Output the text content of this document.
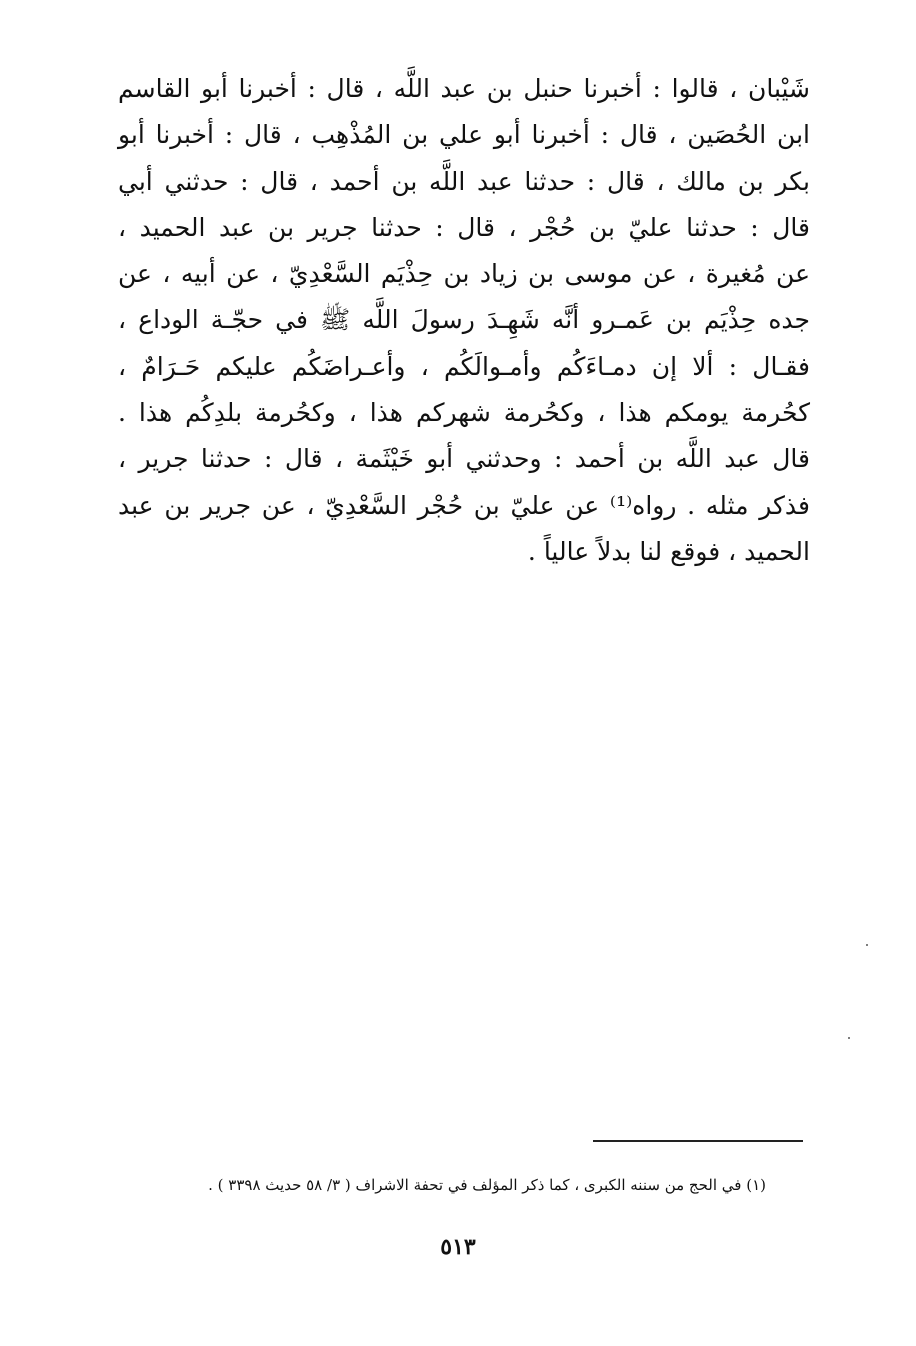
شَيْبان ، قالوا : أخبرنا حنبل بن عبد اللَّه ، قال : أخبرنا أبو القاسم
ابن الحُصَين ، قال : أخبرنا أبو علي بن المُذْهِب ، قال : أخبرنا أبو
بكر بن مالك ، قال : حدثنا عبد اللَّه بن أحمد ، قال : حدثني أبي
قال : حدثنا عليّ بن حُجْر ، قال : حدثنا جرير بن عبد الحميد ،
عن مُغيرة ، عن موسى بن زياد بن حِذْيَم السَّعْدِيّ ، عن أبيه ، عن
جده حِذْيَم بن عَمـرو أنَّه شَهِـدَ رسولَ اللَّه ﷺ في حجّـة الوداع ،
فقـال : ألا إن دمـاءَكُم وأمـوالَكُم ، وأعـراضَكُم عليكم حَـرَامٌ ،
كحُرمة يومكم هذا ، وكحُرمة شهركم هذا ، وكحُرمة بلدِكُم هذا .
قال عبد اللَّه بن أحمد : وحدثني أبو خَيْثَمة ، قال : حدثنا جرير ،
فذكر مثله . رواه⁽¹⁾ عن عليّ بن حُجْر السَّعْدِيّ ، عن جرير بن عبد
الحميد ، فوقع لنا بدلاً عالياً .
(١) في الحج من سننه الكبرى ، كما ذكر المؤلف في تحفة الاشراف ( ٣/ ٥٨ حديث ٣٣٩٨ ) .
٥١٣
